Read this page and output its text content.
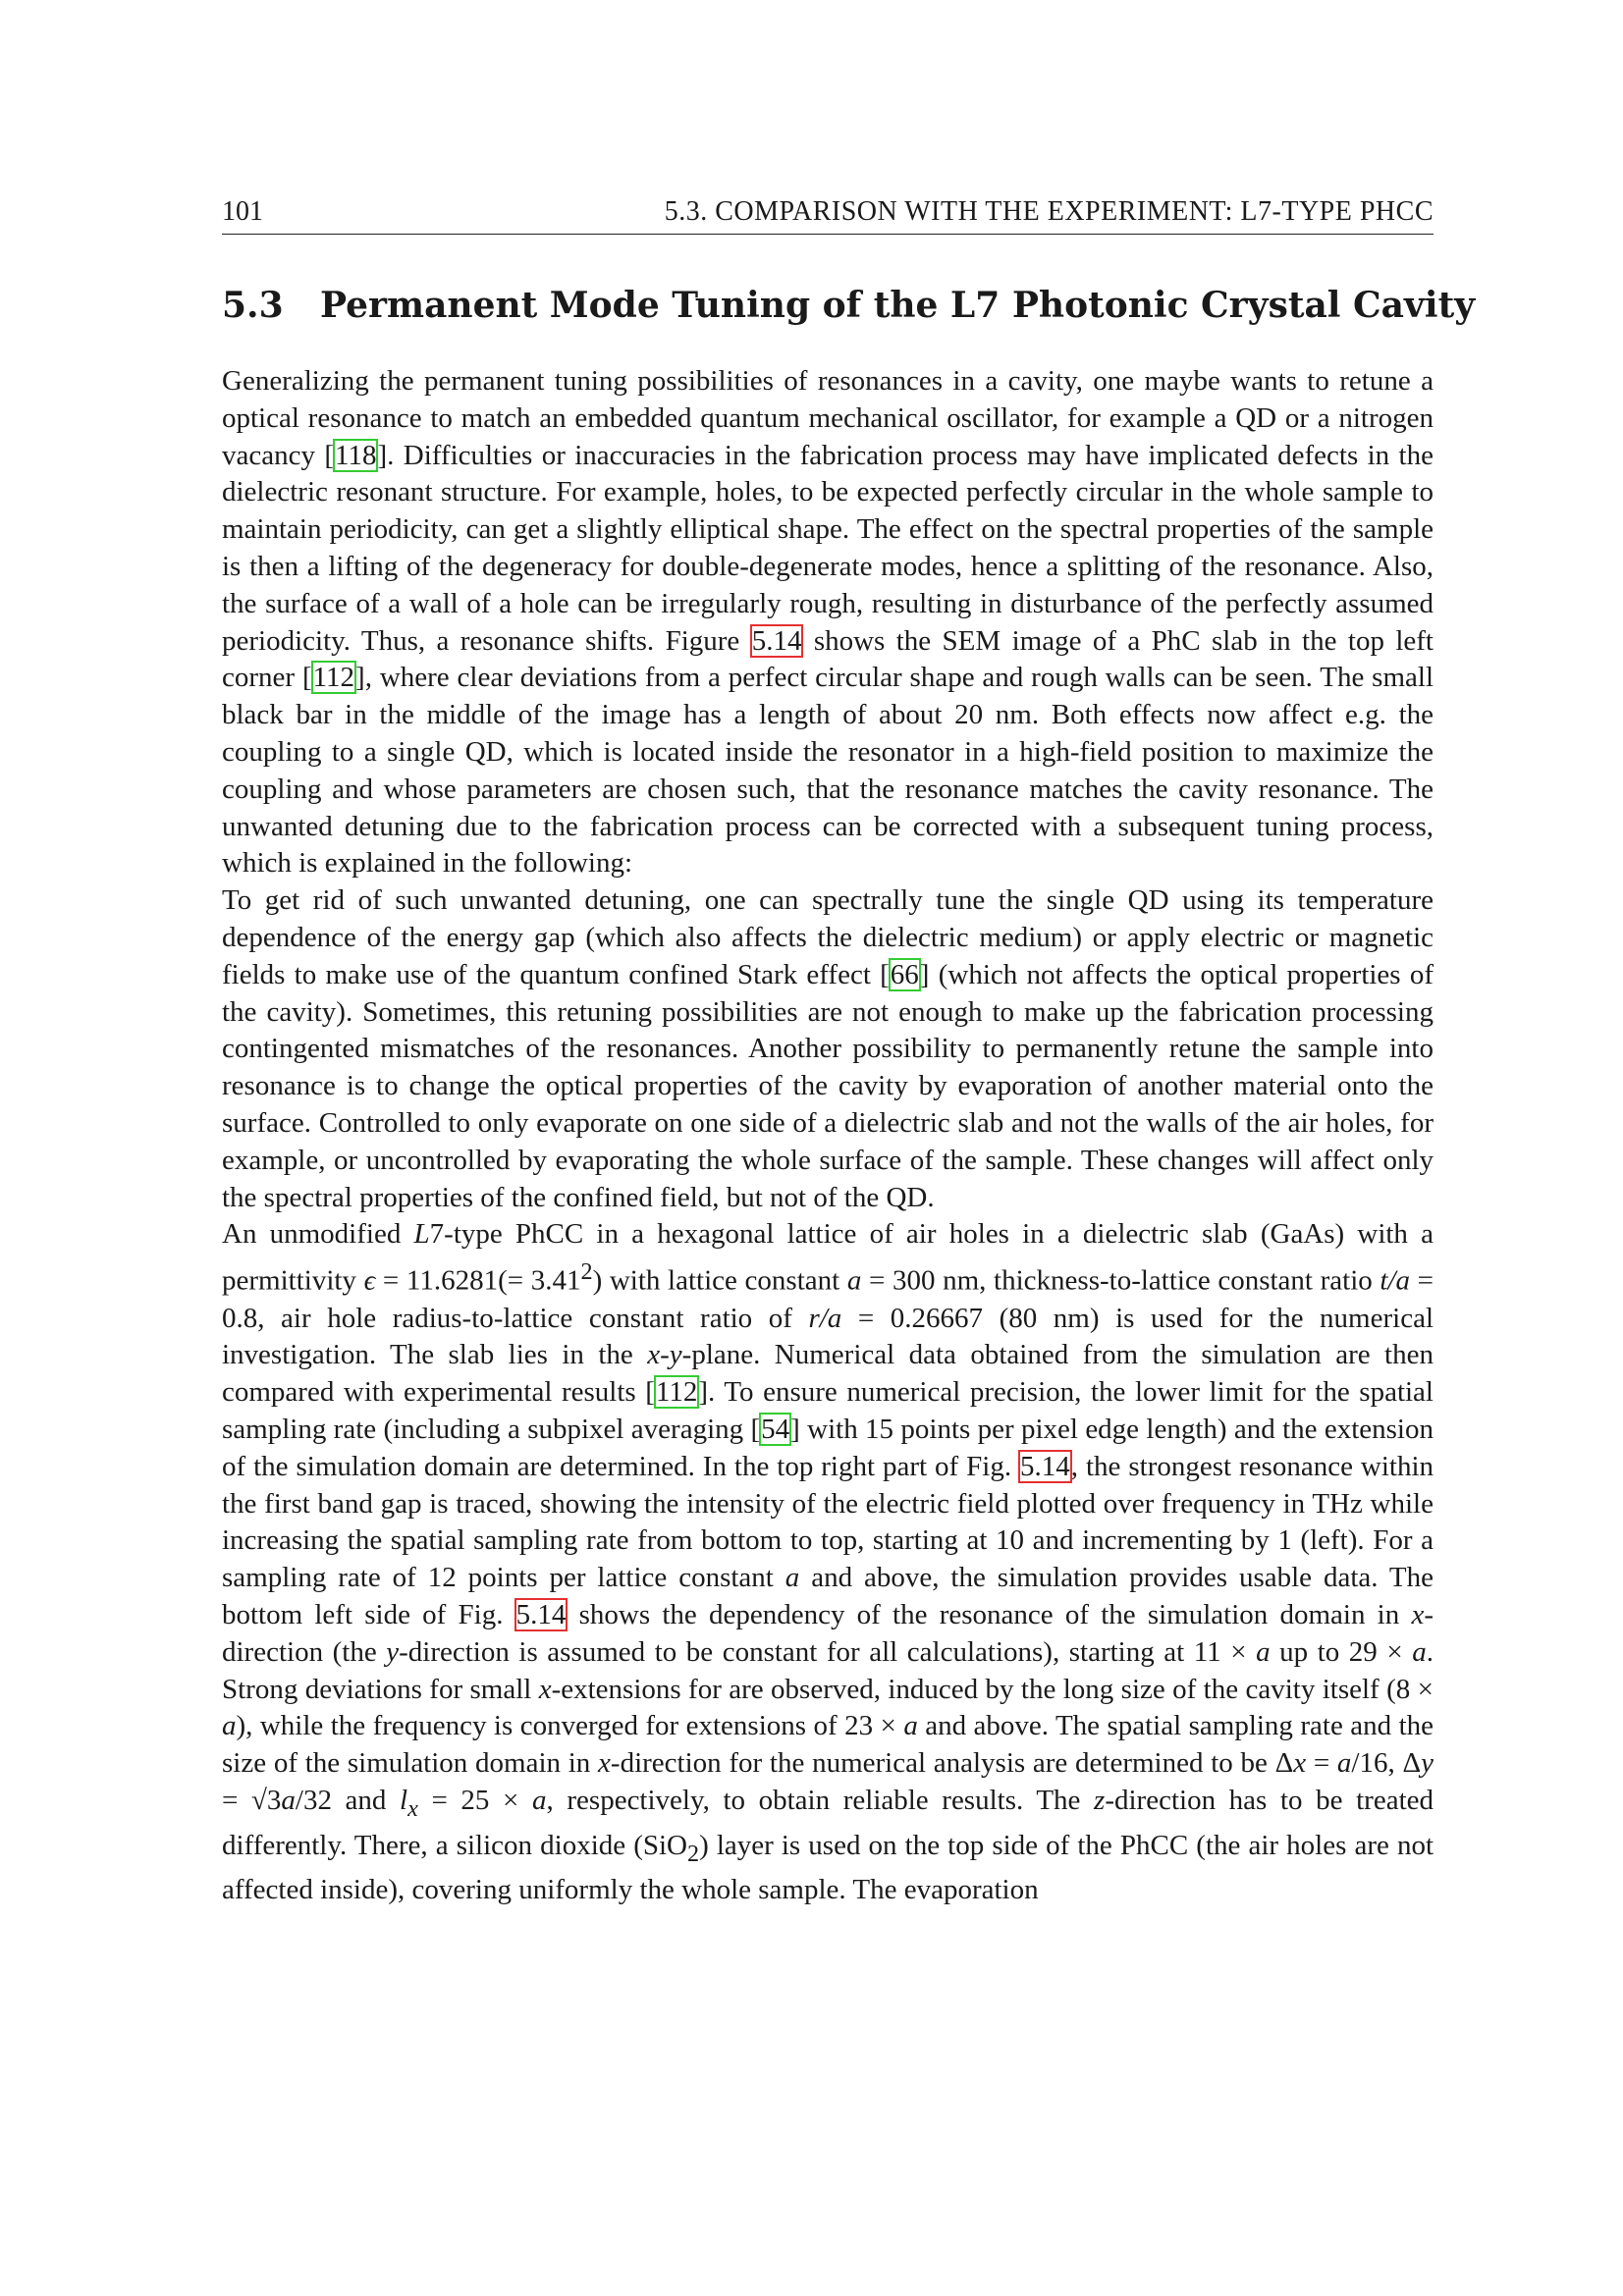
101	5.3. COMPARISON WITH THE EXPERIMENT: L7-TYPE PHCC
5.3 Permanent Mode Tuning of the L7 Photonic Crystal Cavity

Generalizing the permanent tuning possibilities of resonances in a cavity, one maybe wants to retune a optical resonance to match an embedded quantum mechanical oscillator, for example a QD or a nitrogen vacancy [118]. Difficulties or inaccuracies in the fabrication process may have implicated defects in the dielectric resonant structure. For example, holes, to be expected perfectly circular in the whole sample to maintain periodicity, can get a slightly elliptical shape. The effect on the spectral properties of the sample is then a lifting of the degeneracy for double-degenerate modes, hence a splitting of the resonance. Also, the surface of a wall of a hole can be irregularly rough, resulting in disturbance of the perfectly assumed periodicity. Thus, a resonance shifts. Figure 5.14 shows the SEM image of a PhC slab in the top left corner [112], where clear deviations from a perfect circular shape and rough walls can be seen. The small black bar in the middle of the image has a length of about 20 nm. Both effects now affect e.g. the coupling to a single QD, which is located inside the resonator in a high-field position to maximize the coupling and whose parameters are chosen such, that the resonance matches the cavity resonance. The unwanted detuning due to the fabrication process can be corrected with a subsequent tuning process, which is explained in the following:

To get rid of such unwanted detuning, one can spectrally tune the single QD using its temperature dependence of the energy gap (which also affects the dielectric medium) or apply electric or magnetic fields to make use of the quantum confined Stark effect [66] (which not affects the optical properties of the cavity). Sometimes, this retuning possibilities are not enough to make up the fabrication processing contingented mismatches of the resonances. Another possibility to permanently retune the sample into resonance is to change the optical properties of the cavity by evaporation of another material onto the surface. Controlled to only evaporate on one side of a dielectric slab and not the walls of the air holes, for example, or uncontrolled by evaporating the whole surface of the sample. These changes will affect only the spectral properties of the confined field, but not of the QD.

An unmodified L7-type PhCC in a hexagonal lattice of air holes in a dielectric slab (GaAs) with a permittivity $\epsilon = 11.6281(= 3.41^2)$ with lattice constant a = 300 nm, thickness-to-lattice constant ratio t/a = 0.8, air hole radius-to-lattice constant ratio of r/a = 0.26667 (80 nm) is used for the numerical investigation. The slab lies in the x-y-plane. Numerical data obtained from the simulation are then compared with experimental results [112]. To ensure numerical precision, the lower limit for the spatial sampling rate (including a subpixel averaging [54] with 15 points per pixel edge length) and the extension of the simulation domain are determined. In the top right part of Fig. 5.14, the strongest resonance within the first band gap is traced, showing the intensity of the electric field plotted over frequency in THz while increasing the spatial sampling rate from bottom to top, starting at 10 and incrementing by 1 (left). For a sampling rate of 12 points per lattice constant a and above, the simulation provides usable data. The bottom left side of Fig. 5.14 shows the dependency of the resonance of the simulation domain in x-direction (the y-direction is assumed to be constant for all calculations), starting at 11 × a up to 29 × a. Strong deviations for small x-extensions for are observed, induced by the long size of the cavity itself (8 × a), while the frequency is converged for extensions of 23 × a and above. The spatial sampling rate and the size of the simulation domain in x-direction for the numerical analysis are determined to be Δx = a/16, Δy = √3a/32 and $l_x = 25 \times a$, respectively, to obtain reliable results. The z-direction has to be treated differently. There, a silicon dioxide (SiO$_2$) layer is used on the top side of the PhCC (the air holes are not affected inside), covering uniformly the whole sample. The evaporation
